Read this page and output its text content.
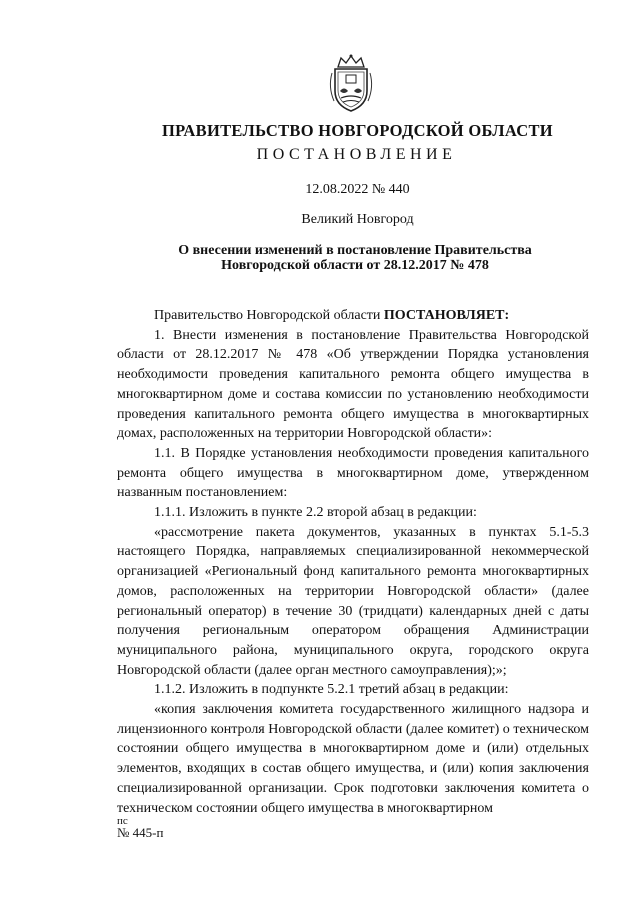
ПРАВИТЕЛЬСТВО НОВГОРОДСКОЙ ОБЛАСТИ
ПОСТАНОВЛЕНИЕ
12.08.2022 № 440
Великий Новгород
О внесении изменений в постановление Правительства
Новгородской области от 28.12.2017 № 478

Правительство Новгородской области ПОСТАНОВЛЯЕТ:

1. Внести изменения в постановление Правительства Новгородской области от 28.12.2017 № 478 «Об утверждении Порядка установления необходимости проведения капитального ремонта общего имущества в многоквартирном доме и состава комиссии по установлению необходимости проведения капитального ремонта общего имущества в многоквартирных домах, расположенных на территории Новгородской области»:

1.1. В Порядке установления необходимости проведения капитального ремонта общего имущества в многоквартирном доме, утвержденном названным постановлением:

1.1.1. Изложить в пункте 2.2 второй абзац в редакции:

«рассмотрение пакета документов, указанных в пунктах 5.1-5.3 настоящего Порядка, направляемых специализированной некоммерческой организацией «Региональный фонд капитального ремонта многоквартирных домов, расположенных на территории Новгородской области» (далее региональный оператор) в течение 30 (тридцати) календарных дней с даты получения региональным оператором обращения Администрации муниципального района, муниципального округа, городского округа Новгородской области (далее орган местного самоуправления);»;

1.1.2. Изложить в подпункте 5.2.1 третий абзац в редакции:

«копия заключения комитета государственного жилищного надзора и лицензионного контроля Новгородской области (далее комитет) о техническом состоянии общего имущества в многоквартирном доме и (или) отдельных элементов, входящих в состав общего имущества, и (или) копия заключения специализированной организации. Срок подготовки заключения комитета о техническом состоянии общего имущества в многоквартирном

пс
№ 445-п
